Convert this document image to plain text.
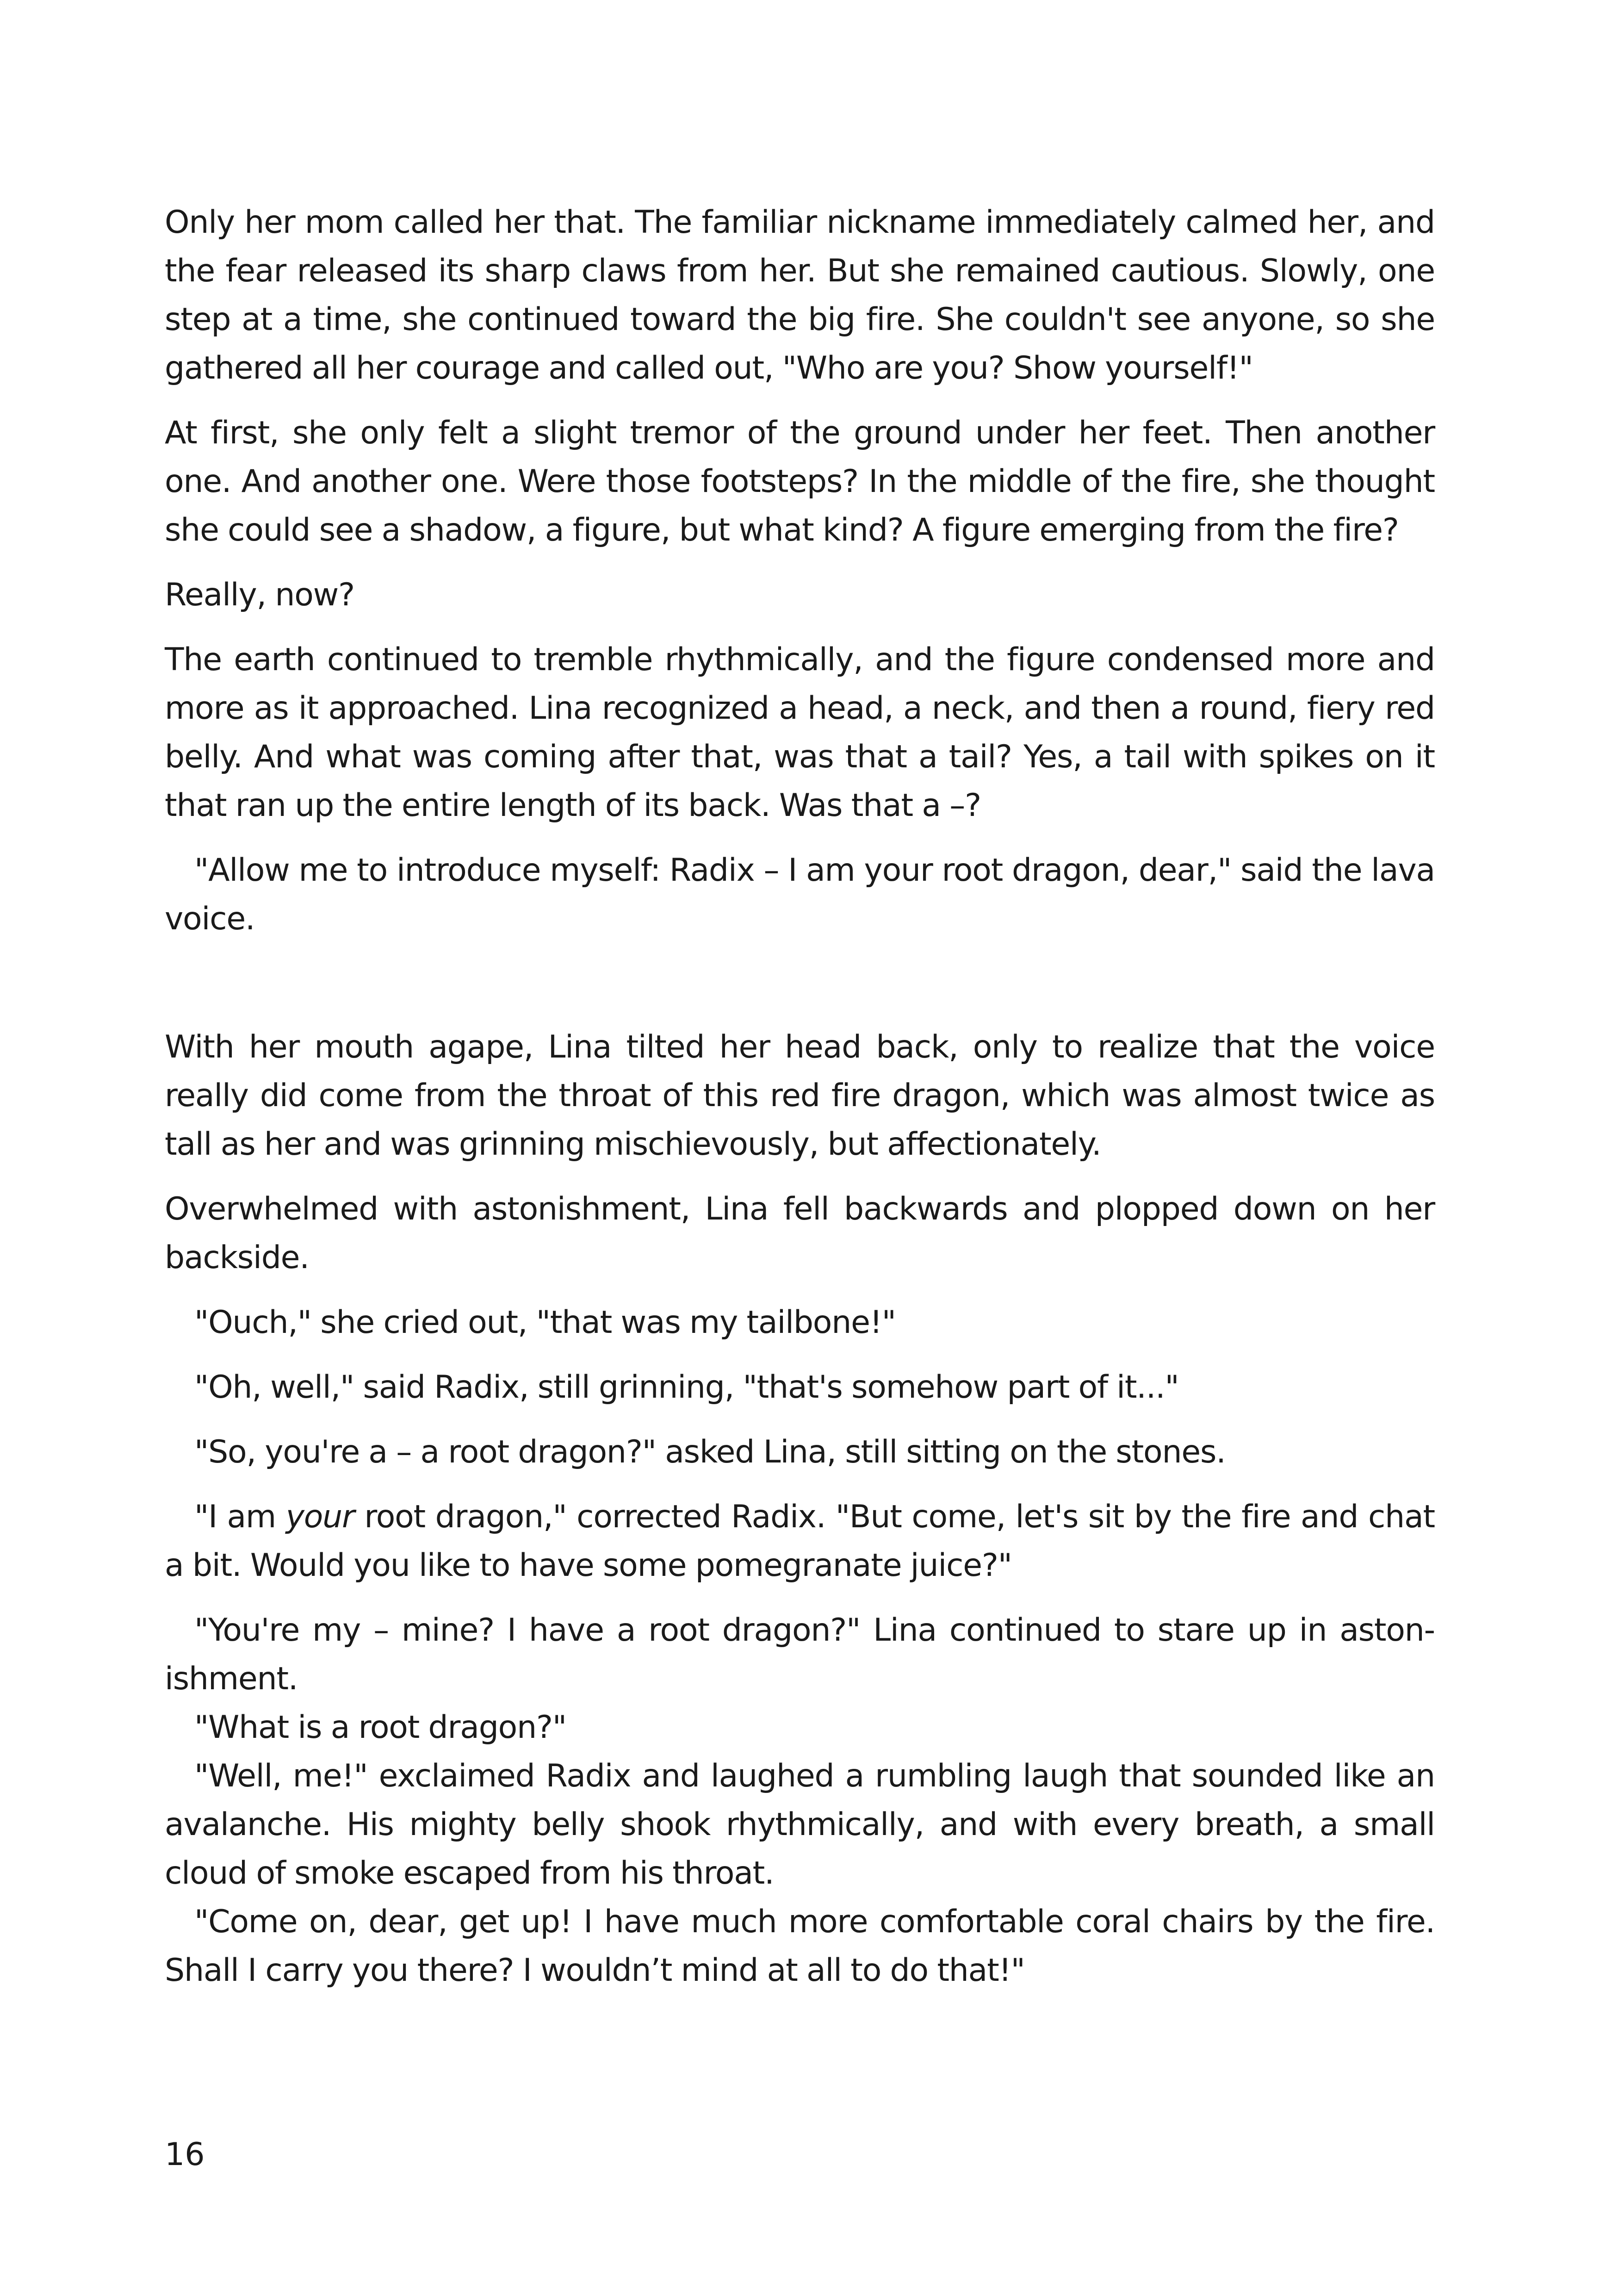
Only her mom called her that. The familiar nickname immediately calmed her, and the fear released its sharp claws from her. But she remained cautious. Slowly, one step at a time, she continued toward the big fire. She couldn't see anyone, so she gathered all her courage and called out, "Who are you? Show yourself!"

At first, she only felt a slight tremor of the ground under her feet. Then another one. And another one. Were those footsteps? In the middle of the fire, she thought she could see a shadow, a figure, but what kind? A figure emerging from the fire?

Really, now?

The earth continued to tremble rhythmically, and the figure condensed more and more as it approached. Lina recognized a head, a neck, and then a round, fiery red belly. And what was coming after that, was that a tail? Yes, a tail with spikes on it that ran up the entire length of its back. Was that a –?

"Allow me to introduce myself: Radix – I am your root dragon, dear," said the lava voice.

With her mouth agape, Lina tilted her head back, only to realize that the voice really did come from the throat of this red fire dragon, which was almost twice as tall as her and was grinning mischievously, but affectionately.

Overwhelmed with astonishment, Lina fell backwards and plopped down on her backside.

"Ouch," she cried out, "that was my tailbone!"

"Oh, well," said Radix, still grinning, "that's somehow part of it..."

"So, you're a – a root dragon?" asked Lina, still sitting on the stones.

"I am your root dragon," corrected Radix. "But come, let's sit by the fire and chat a bit. Would you like to have some pomegranate juice?"

"You're my – mine? I have a root dragon?" Lina continued to stare up in aston-ishment.

"What is a root dragon?"

"Well, me!" exclaimed Radix and laughed a rumbling laugh that sounded like an avalanche. His mighty belly shook rhythmically, and with every breath, a small cloud of smoke escaped from his throat.

"Come on, dear, get up! I have much more comfortable coral chairs by the fire. Shall I carry you there? I wouldn’t mind at all to do that!"

16
